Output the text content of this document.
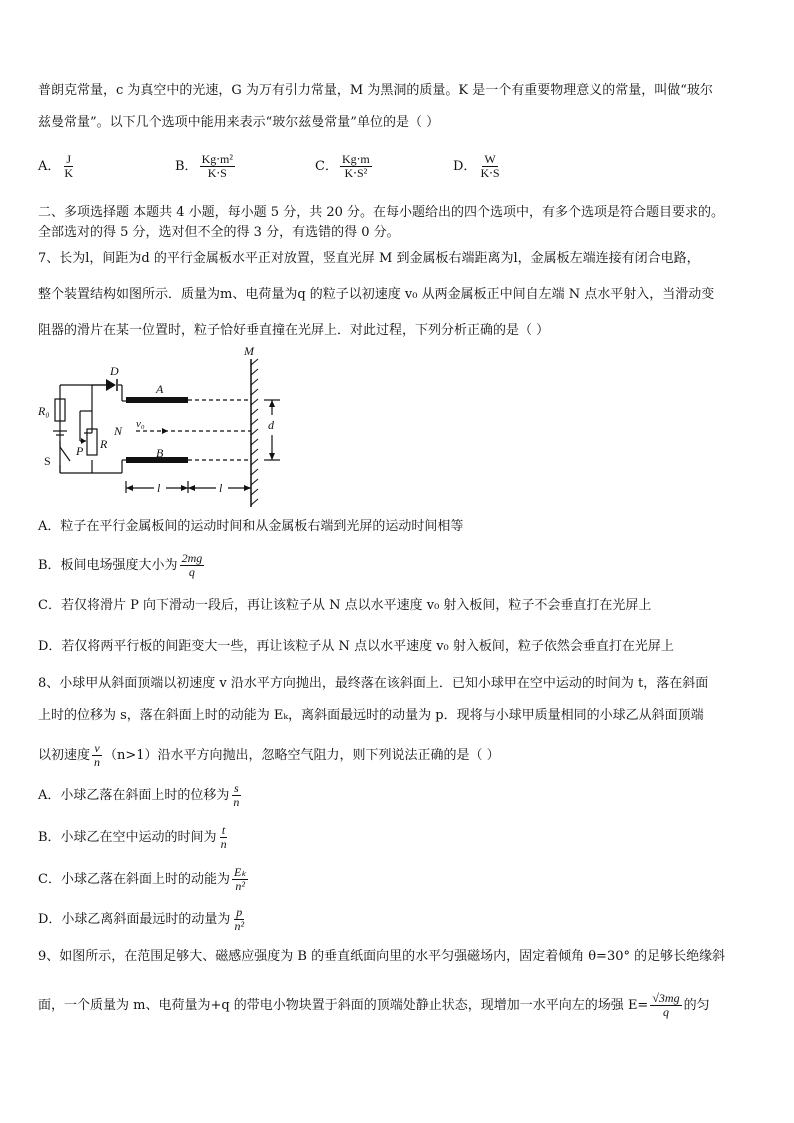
普朗克常量，c 为真空中的光速，G 为万有引力常量，M 为黑洞的质量。K 是一个有重要物理意义的常量，叫做“玻尔
兹曼常量”。以下几个选项中能用来表示“玻尔兹曼常量”单位的是（ ）
A． $\frac{J}{K}$	B． $\frac{\text{Kg⋅m²}}{K\cdot S}$	C． $\frac{Kg\cdot m}{\text{K⋅S²}}$	D． $\frac{W}{K\cdot S}$
二、多项选择题 本题共 4 小题，每小题 5 分，共 20 分。在每小题给出的四个选项中，有多个选项是符合题目要求的。
全部选对的得 5 分，选对但不全的得 3 分，有选错的得 0 分。
7、长为l，间距为d 的平行金属板水平正对放置，竖直光屏 M 到金属板右端距离为l，金属板左端连接有闭合电路，
整个装置结构如图所示．质量为m、电荷量为q 的粒子以初速度 v₀ 从两金属板正中间自左端 N 点水平射入，当滑动变
阻器的滑片在某一位置时，粒子恰好垂直撞在光屏上．对此过程，下列分析正确的是（ ）
D
A
B
M
R₀
N v₀
R
P
S
d
l	l
A．粒子在平行金属板间的运动时间和从金属板右端到光屏的运动时间相等
B．板间电场强度大小为 $\frac{2mg}{q}$
C．若仅将滑片 P 向下滑动一段后，再让该粒子从 N 点以水平速度 v₀ 射入板间，粒子不会垂直打在光屏上
D．若仅将两平行板的间距变大一些，再让该粒子从 N 点以水平速度 v₀ 射入板间，粒子依然会垂直打在光屏上
8、小球甲从斜面顶端以初速度 v 沿水平方向抛出，最终落在该斜面上．已知小球甲在空中运动的时间为 t，落在斜面
上时的位移为 s，落在斜面上时的动能为 Eₖ，离斜面最远时的动量为 p．现将与小球甲质量相同的小球乙从斜面顶端
以初速度 $\frac{v}{n} (n>1)$沿水平方向抛出，忽略空气阻力，则下列说法正确的是（ ）
A．小球乙落在斜面上时的位移为 $\frac{s}{n}$
B．小球乙在空中运动的时间为 $\frac{t}{n}$
C．小球乙落在斜面上时的动能为 $\frac{\text{Eₖ}}{\text{n²}}$
D．小球乙离斜面最远时的动量为 $\frac{p}{\text{n²}}$
9、如图所示，在范围足够大、磁感应强度为 B 的垂直纸面向里的水平匀强磁场内，固定着倾角 θ=30° 的足够长绝缘斜
面，一个质量为 m、电荷量为+q 的带电小物块置于斜面的顶端处静止状态，现增加一水平向左的场强 $E= \frac{√3mg}{q}$ 的匀
